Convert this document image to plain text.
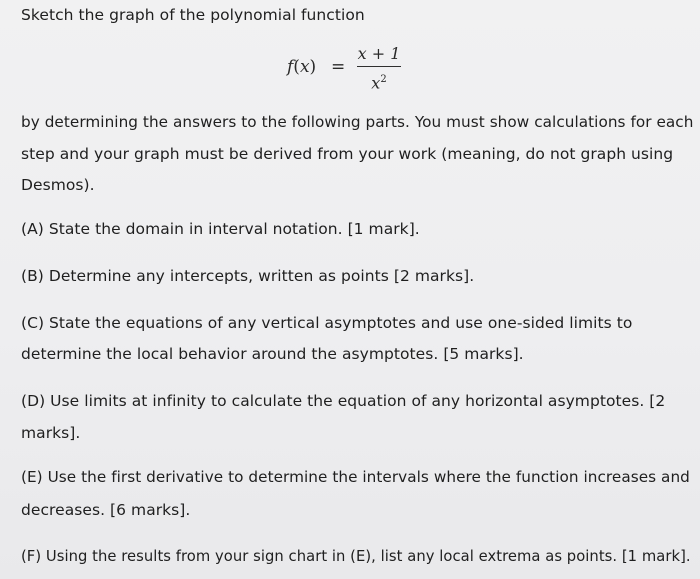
Sketch the graph of the polynomial function
f(x) =
x + 1
$x^2$
by determining the answers to the following parts. You must show calculations for each
step and your graph must be derived from your work (meaning, do not graph using
Desmos).
(A) State the domain in interval notation. [1 mark].
(B) Determine any intercepts, written as points [2 marks].
(C) State the equations of any vertical asymptotes and use one-sided limits to
determine the local behavior around the asymptotes. [5 marks].
(D) Use limits at infinity to calculate the equation of any horizontal asymptotes. [2
marks].
(E) Use the first derivative to determine the intervals where the function increases and
decreases. [6 marks].
(F) Using the results from your sign chart in (E), list any local extrema as points. [1 mark].
